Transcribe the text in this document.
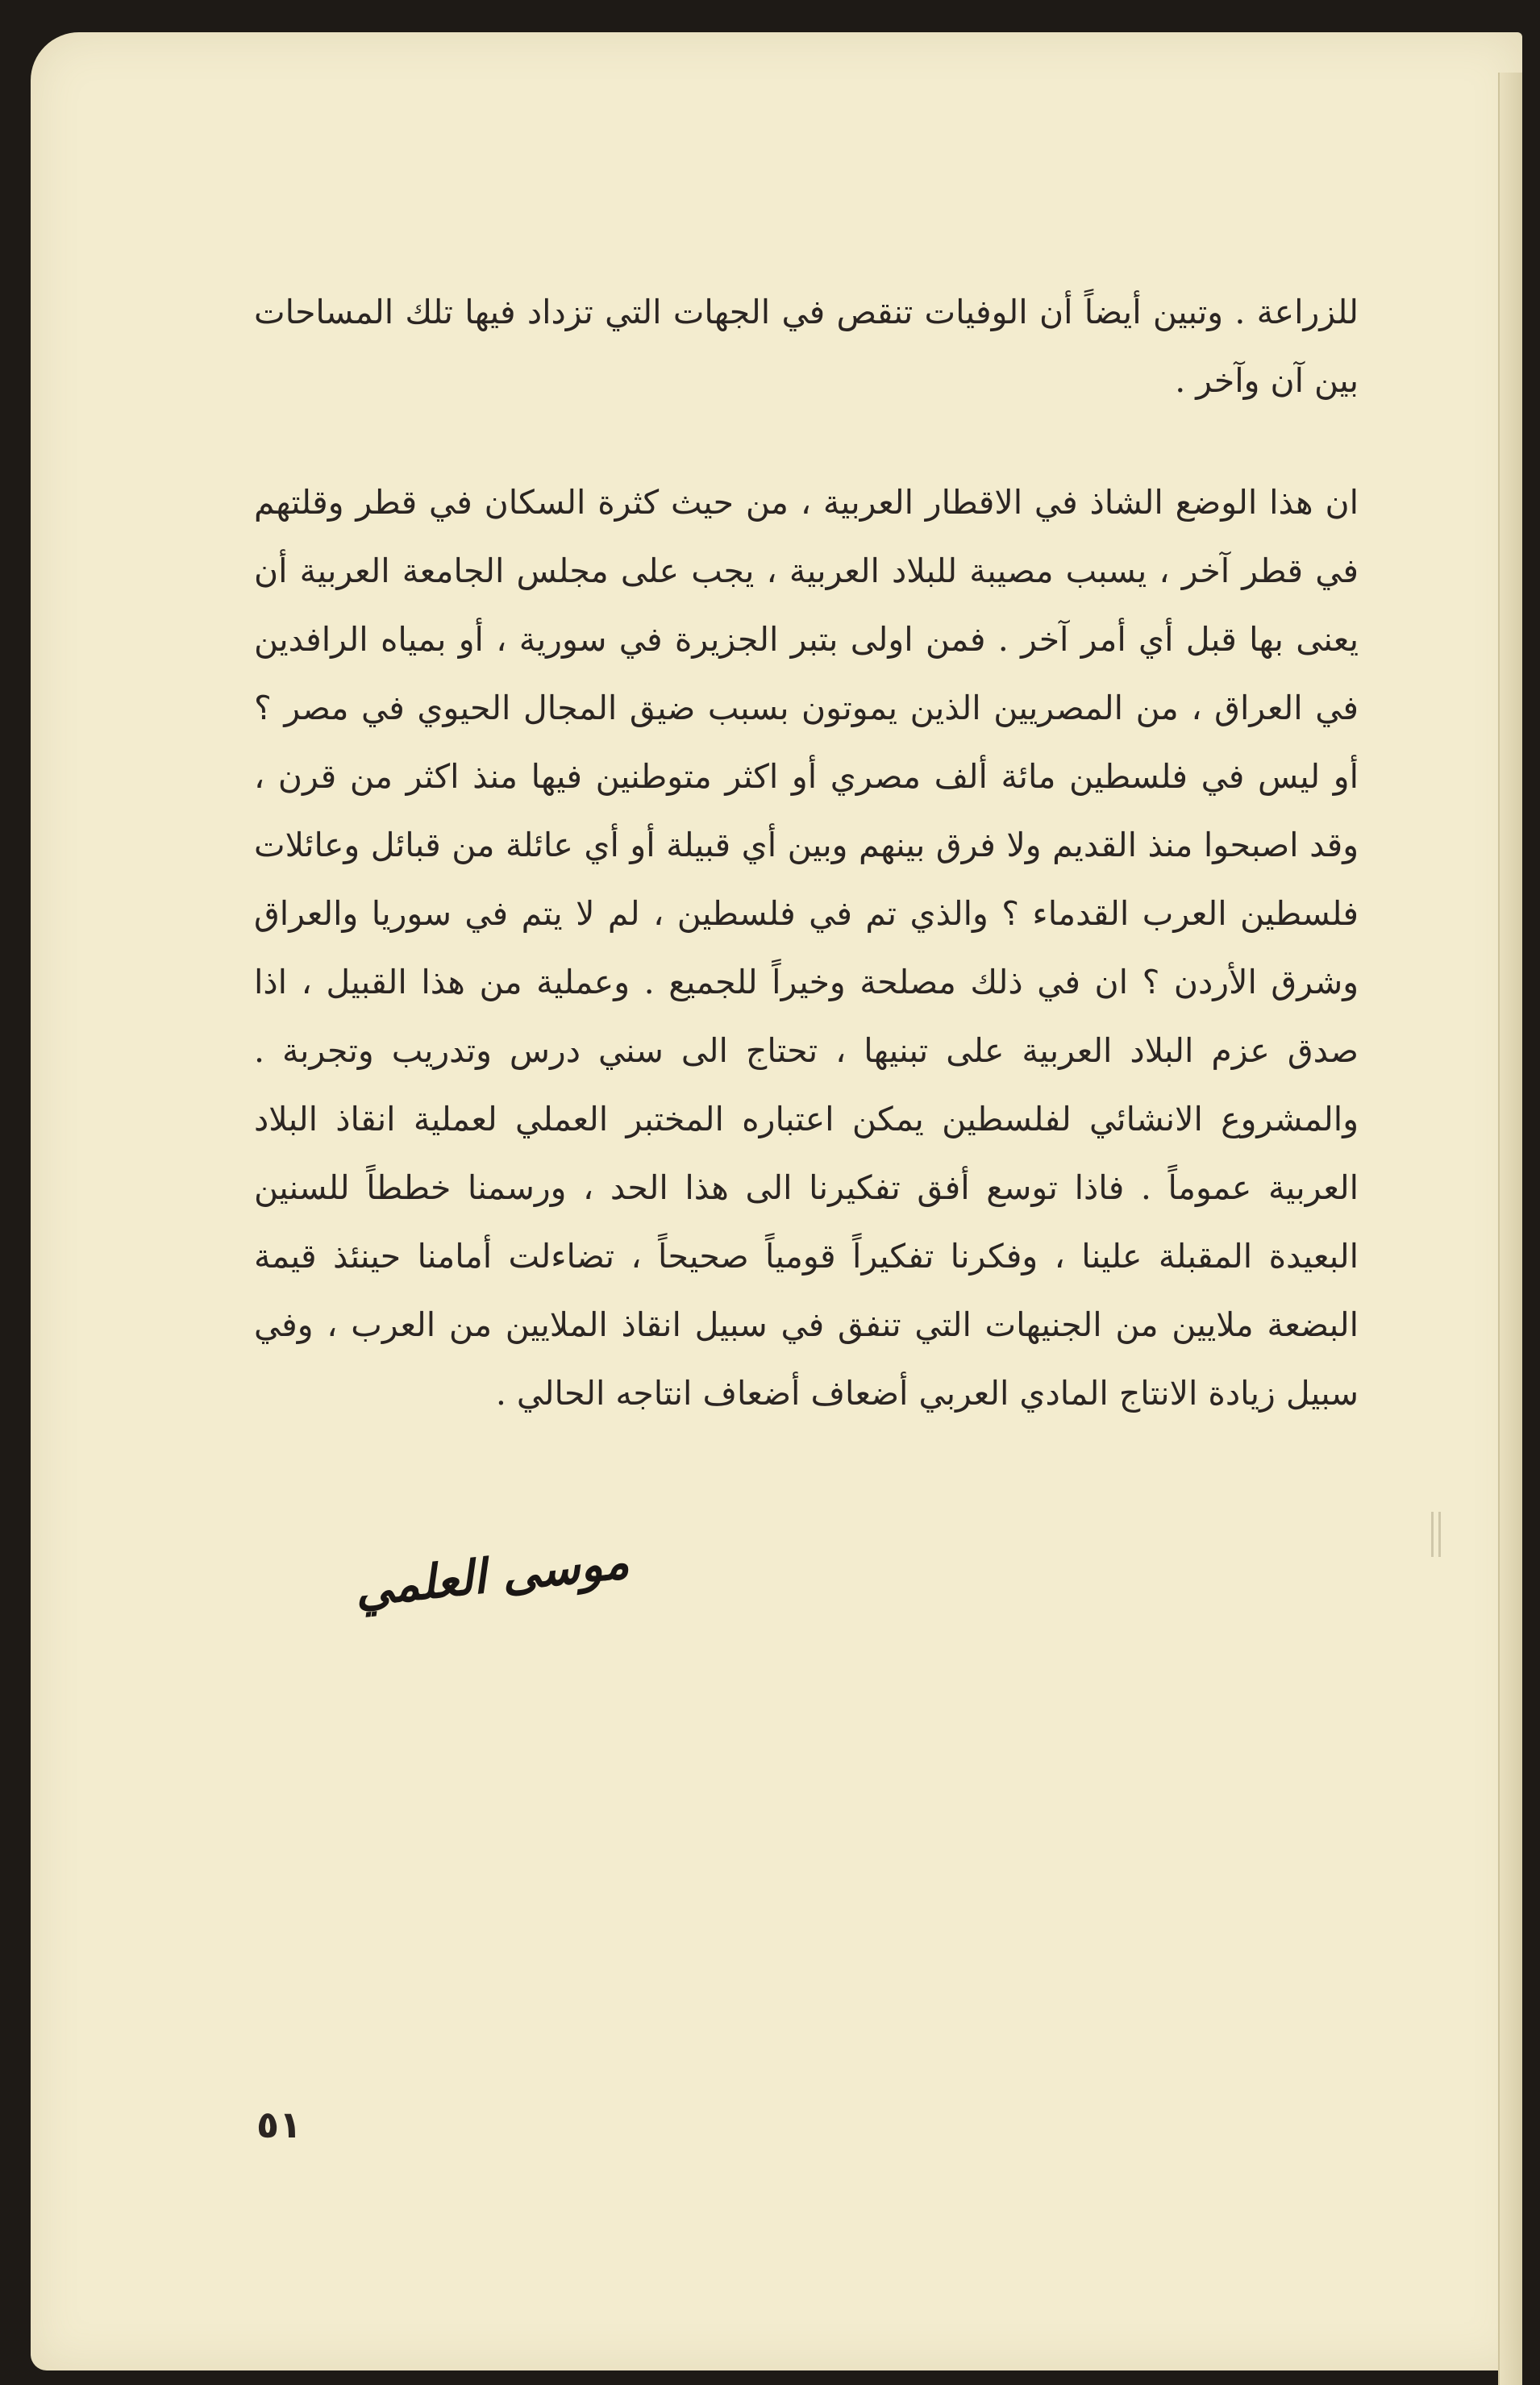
للزراعة . وتبين أيضاً أن الوفيات تنقص في الجهات التي تزداد فيها تلك المساحات بين آن وآخر .

ان هذا الوضع الشاذ في الاقطار العربية ، من حيث كثرة السكان في قطر وقلتهم في قطر آخر ، يسبب مصيبة للبلاد العربية ، يجب على مجلس الجامعة العربية أن يعنى بها قبل أي أمر آخر . فمن اولى بتبر الجزيرة في سورية ، أو بمياه الرافدين في العراق ، من المصريين الذين يموتون بسبب ضيق المجال الحيوي في مصر ؟ أو ليس في فلسطين مائة ألف مصري أو اكثر متوطنين فيها منذ اكثر من قرن ، وقد اصبحوا منذ القديم ولا فرق بينهم وبين أي قبيلة أو أي عائلة من قبائل وعائلات فلسطين العرب القدماء ؟ والذي تم في فلسطين ، لم لا يتم في سوريا والعراق وشرق الأردن ؟ ان في ذلك مصلحة وخيراً للجميع . وعملية من هذا القبيل ، اذا صدق عزم البلاد العربية على تبنيها ، تحتاج الى سني درس وتدريب وتجربة . والمشروع الانشائي لفلسطين يمكن اعتباره المختبر العملي لعملية انقاذ البلاد العربية عموماً . فاذا توسع أفق تفكيرنا الى هذا الحد ، ورسمنا خططاً للسنين البعيدة المقبلة علينا ، وفكرنا تفكيراً قومياً صحيحاً ، تضاءلت أمامنا حينئذ قيمة البضعة ملايين من الجنيهات التي تنفق في سبيل انقاذ الملايين من العرب ، وفي سبيل زيادة الانتاج المادي العربي أضعاف أضعاف انتاجه الحالي .

موسى العلمي
٥١
